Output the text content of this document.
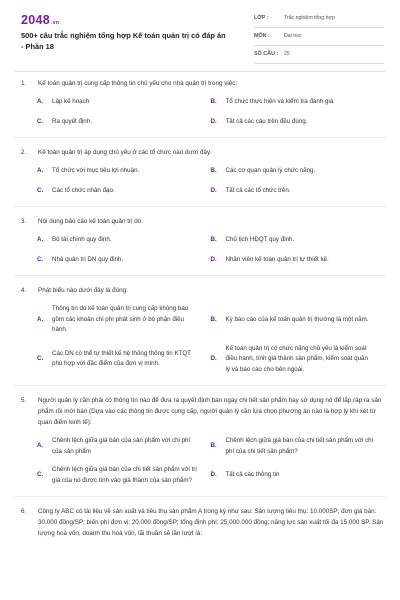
2048.vn
500+ câu trắc nghiệm tổng hợp Kế toán quản trị có đáp án - Phần 18
LỚP :	Trắc nghiệm tổng hợp
MÔN :	Đại học
SỐ CÂU :	25
1.	Kế toán quản trị cung cấp thông tin chủ yếu cho nhà quản trị trong việc:
A.	Lập kế hoạch	B.	Tổ chức thực hiện và kiểm tra đánh giá.
C.	Ra quyết định.	D.	Tất cả các câu trên đều đúng.
2.	Kế toán quản trị áp dụng chủ yếu ở các tổ chức nào dưới đây:
A.	Tổ chức với mục tiêu lợi nhuận.	B.	Các cơ quan quản lý chức năng.
C.	Các tổ chức nhân đạo.	D.	Tất cả các tổ chức trên.
3.	Nội dung báo cáo kế toán quản trị do:
A.	Bộ tài chính quy định.	B.	Chủ tịch HĐQT quy định.
C.	Nhà quản trị DN quy định.	D.	Nhân viên kế toán quản trị tự thiết kế.
4.	Phát biểu nào dưới đây là đúng:
A.
Thông tin do kế toán quản trị cung cấp không bao gồm các khoản chi phí phát sinh ở bộ phận điều hành.
B.	Kỳ báo cáo của kế toán quản trị thường là một năm.
C.
Các DN có thể tự thiết kế hệ thống thông tin KTQT phù hợp với đặc điểm của đơn vị mình.
D.
Kế toán quản trị có chức năng chủ yếu là kiểm soát điều hành, tính giá thành sản phẩm, kiểm soát quản lý và báo cáo cho bên ngoài.
5.	Người quản lý cần phải có thông tin nào để đưa ra quyết định bán ngay chi tiết sản phẩm hay sử dụng nó để lắp ráp ra sản phẩm rồi mới bán (Dựa vào các thông tin được cung cấp, người quản lý cần lựa chọn phương án nào là hợp lý khi xét từ quan điểm kinh tế):
A.
Chênh lệch giữa giá bán của sản phẩm với chi phí của sản phẩm
B.
Chênh lệch giữa giá bán của chi tiết sản phẩm với chi phí của chi tiết sản phẩm?
C.
Chênh lệch giữa giá bán của chi tiết sản phẩm với trị giá của nó được tính vào giá thành của sản phẩm?
D.	Tất cả các thông tin
6.	Công ty ABC có tài liệu về sản xuất và tiêu thụ sản phẩm A trong kỳ như sau: Sản lượng tiêu thụ: 10.000SP; đơn giá bán: 30.000 đồng/SP; biến phí đơn vị: 20.000 đồng/SP; tổng định phí: 25.000.000 đồng; năng lực sản xuất tối đa 15.000 SP. Sản lượng hoà vốn, doanh thu hoà vốn, lãi thuần sẽ lần lượt là:
